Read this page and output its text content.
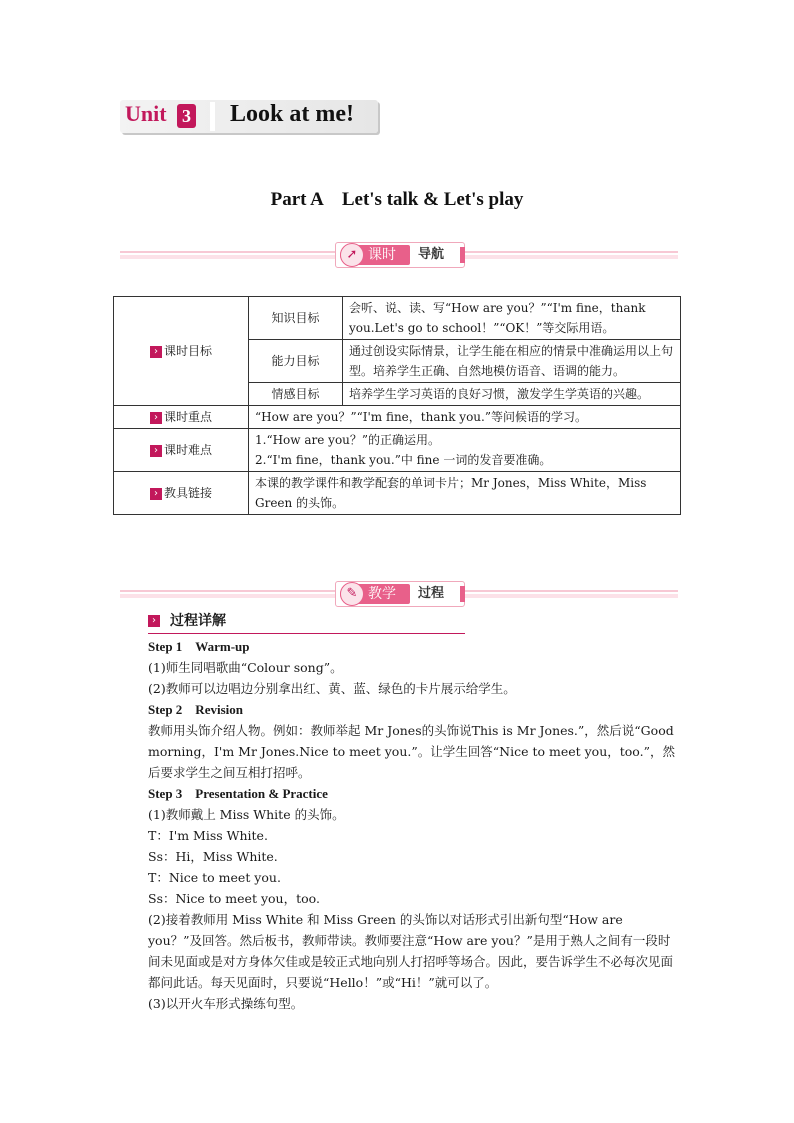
Unit 3 Look at me!
Part A　Let's talk & Let's play
➚ 课时 导航
› 课时目标	知识目标	会听、说、读、写“How are you？”“I'm fine，thank you.Let's go to school！”“OK！”等交际用语。
	能力目标	通过创设实际情景，让学生能在相应的情景中准确运用以上句型。培养学生正确、自然地模仿语音、语调的能力。
	情感目标	培养学生学习英语的良好习惯，激发学生学英语的兴趣。
› 课时重点	“How are you？”“I'm fine，thank you.”等问候语的学习。	
› 课时难点	1.“How are you？”的正确运用。
2.“I'm fine，thank you.”中 fine 一词的发音要准确。	

› 教具链接	本课的教学课件和教学配套的单词卡片；Mr Jones，Miss White，Miss Green 的头饰。	
✎ 教学 过程
› 过程详解

Step 1　Warm-up

(1)师生同唱歌曲“Colour song”。

(2)教师可以边唱边分别拿出红、黄、蓝、绿色的卡片展示给学生。

Step 2　Revision

教师用头饰介绍人物。例如：教师举起 Mr Jones的头饰说This is Mr Jones.”，然后说“Good morning，I'm Mr Jones.Nice to meet you.”。让学生回答“Nice to meet you，too.”，然后要求学生之间互相打招呼。

Step 3　Presentation & Practice

(1)教师戴上 Miss White 的头饰。

T：I'm Miss White.

Ss：Hi，Miss White.

T：Nice to meet you.

Ss：Nice to meet you，too.

(2)接着教师用 Miss White 和 Miss Green 的头饰以对话形式引出新句型“How are you？”及回答。然后板书，教师带读。教师要注意“How are you？”是用于熟人之间有一段时间未见面或是对方身体欠佳或是较正式地向别人打招呼等场合。因此，要告诉学生不必每次见面都问此话。每天见面时，只要说“Hello！”或“Hi！”就可以了。

(3)以开火车形式操练句型。
